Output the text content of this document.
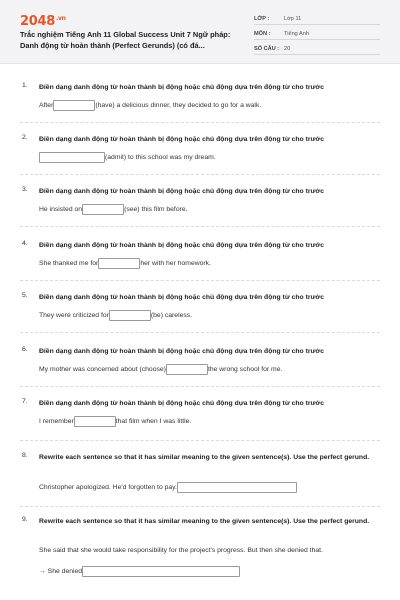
$2048^{.vn}$
Trắc nghiệm Tiếng Anh 11 Global Success Unit 7 Ngữ pháp: Danh động từ hoàn thành (Perfect Gerunds) (có đá...
LỚP :	Lớp 11
MÔN : Tiếng Anh
SỐ CÂU : 20
1. Điền dạng danh động từ hoàn thành bị động hoặc chủ động dựa trên động từ cho trước
After	(have) a delicious dinner, they decided to go for a walk.
2. Điền dạng danh động từ hoàn thành bị động hoặc chủ động dựa trên động từ cho trước
(admit) to this school was my dream.
3. Điền dạng danh động từ hoàn thành bị động hoặc chủ động dựa trên động từ cho trước
He insisted on	(see) this film before.
4. Điền dạng danh động từ hoàn thành bị động hoặc chủ động dựa trên động từ cho trước
She thanked me for	her with her homework.
5. Điền dạng danh động từ hoàn thành bị động hoặc chủ động dựa trên động từ cho trước
They were criticized for	(be) careless.
6. Điền dạng danh động từ hoàn thành bị động hoặc chủ động dựa trên động từ cho trước
My mother was concerned about (choose)	the wrong school for me.
7. Điền dạng danh động từ hoàn thành bị động hoặc chủ động dựa trên động từ cho trước
I remember	that film when I was little.
8. Rewrite each sentence so that it has similar meaning to the given sentence(s). Use the perfect gerund.
Christopher apologized. He'd forgotten to pay.
9. Rewrite each sentence so that it has similar meaning to the given sentence(s). Use the perfect gerund.
She said that she would take responsibility for the project's progress. But then she denied that.
→ She denied
